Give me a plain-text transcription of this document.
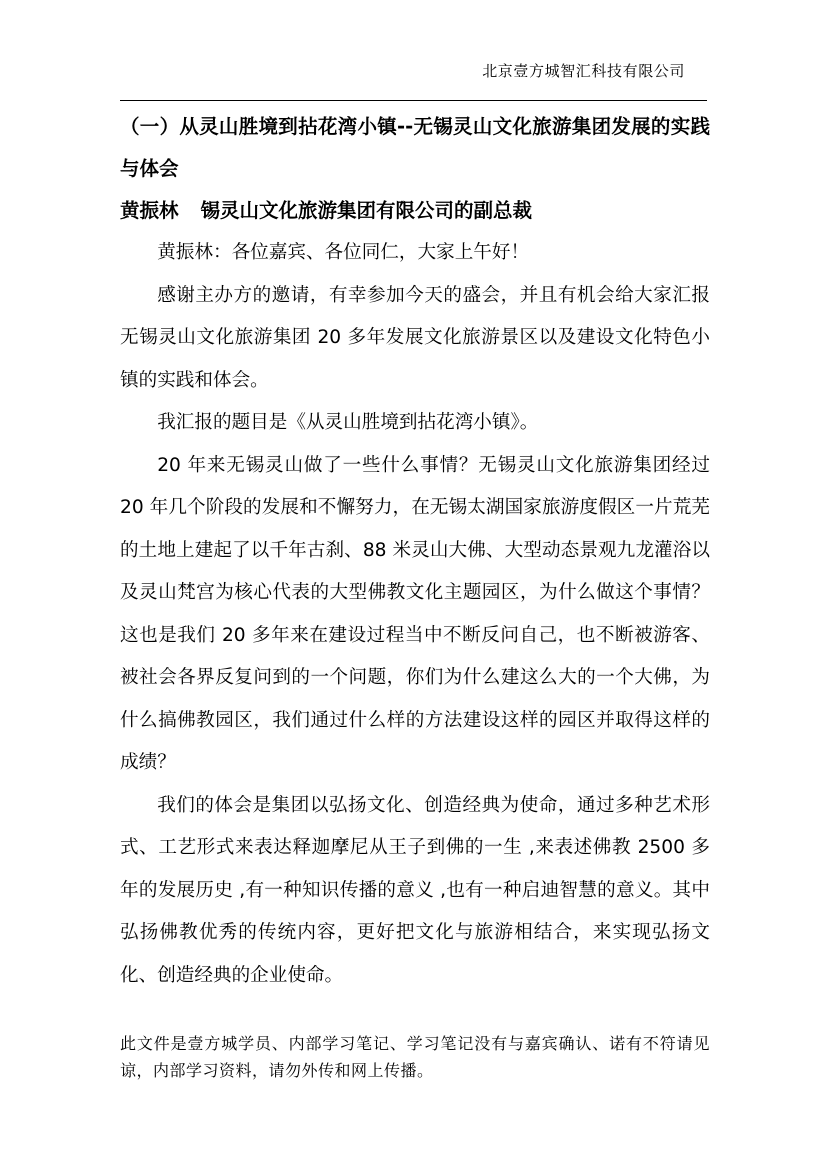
北京壹方城智汇科技有限公司

（一）从灵山胜境到拈花湾小镇--无锡灵山文化旅游集团发展的实践与体会

黄振林 锡灵山文化旅游集团有限公司的副总裁

黄振林：各位嘉宾、各位同仁，大家上午好！

感谢主办方的邀请，有幸参加今天的盛会，并且有机会给大家汇报无锡灵山文化旅游集团 20 多年发展文化旅游景区以及建设文化特色小镇的实践和体会。

我汇报的题目是《从灵山胜境到拈花湾小镇》。

20 年来无锡灵山做了一些什么事情？无锡灵山文化旅游集团经过 20 年几个阶段的发展和不懈努力，在无锡太湖国家旅游度假区一片荒芜的土地上建起了以千年古刹、88 米灵山大佛、大型动态景观九龙灌浴以及灵山梵宫为核心代表的大型佛教文化主题园区，为什么做这个事情？这也是我们 20 多年来在建设过程当中不断反问自己，也不断被游客、被社会各界反复问到的一个问题，你们为什么建这么大的一个大佛，为什么搞佛教园区，我们通过什么样的方法建设这样的园区并取得这样的成绩？

我们的体会是集团以弘扬文化、创造经典为使命，通过多种艺术形式、工艺形式来表达释迦摩尼从王子到佛的一生 ,来表述佛教 2500 多年的发展历史 ,有一种知识传播的意义 ,也有一种启迪智慧的意义。其中弘扬佛教优秀的传统内容，更好把文化与旅游相结合，来实现弘扬文化、创造经典的企业使命。

此文件是壹方城学员、内部学习笔记、学习笔记没有与嘉宾确认、诺有不符请见谅，内部学习资料，请勿外传和网上传播。
